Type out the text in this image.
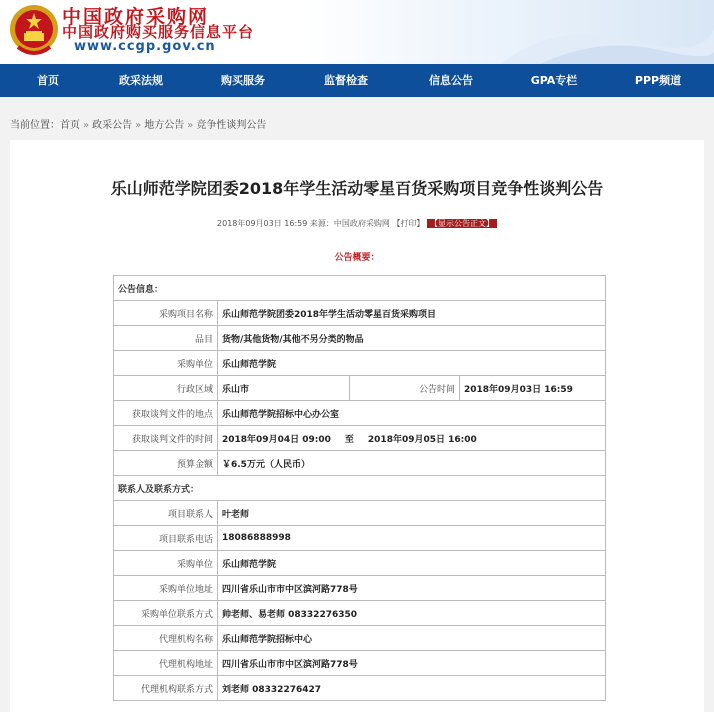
中国政府采购网
中国政府购买服务信息平台
www.ccgp.gov.cn
首页	政采法规	购买服务	监督检查	信息公告	GPA专栏	PPP频道
当前位置：首页 » 政采公告 » 地方公告 » 竞争性谈判公告
乐山师范学院团委2018年学生活动零星百货采购项目竞争性谈判公告
2018年09月03日 16:59 来源：中国政府采购网 【打印】 【显示公告正文】
公告概要：
公告信息：			
采购项目名称	乐山师范学院团委2018年学生活动零星百货采购项目		
品目	货物/其他货物/其他不另分类的物品		
采购单位	乐山师范学院		
行政区域	乐山市	公告时间	2018年09月03日 16:59
获取谈判文件的地点	乐山师范学院招标中心办公室		
获取谈判文件的时间	2018年09月04日 09:00 至 2018年09月05日 16:00		
预算金额	￥6.5万元（人民币）		
联系人及联系方式：			
项目联系人	叶老师		
项目联系电话	18086888998		
采购单位	乐山师范学院		
采购单位地址	四川省乐山市市中区滨河路778号		
采购单位联系方式	帅老师、易老师 08332276350		
代理机构名称	乐山师范学院招标中心		
代理机构地址	四川省乐山市市中区滨河路778号		
代理机构联系方式	刘老师 08332276427		
